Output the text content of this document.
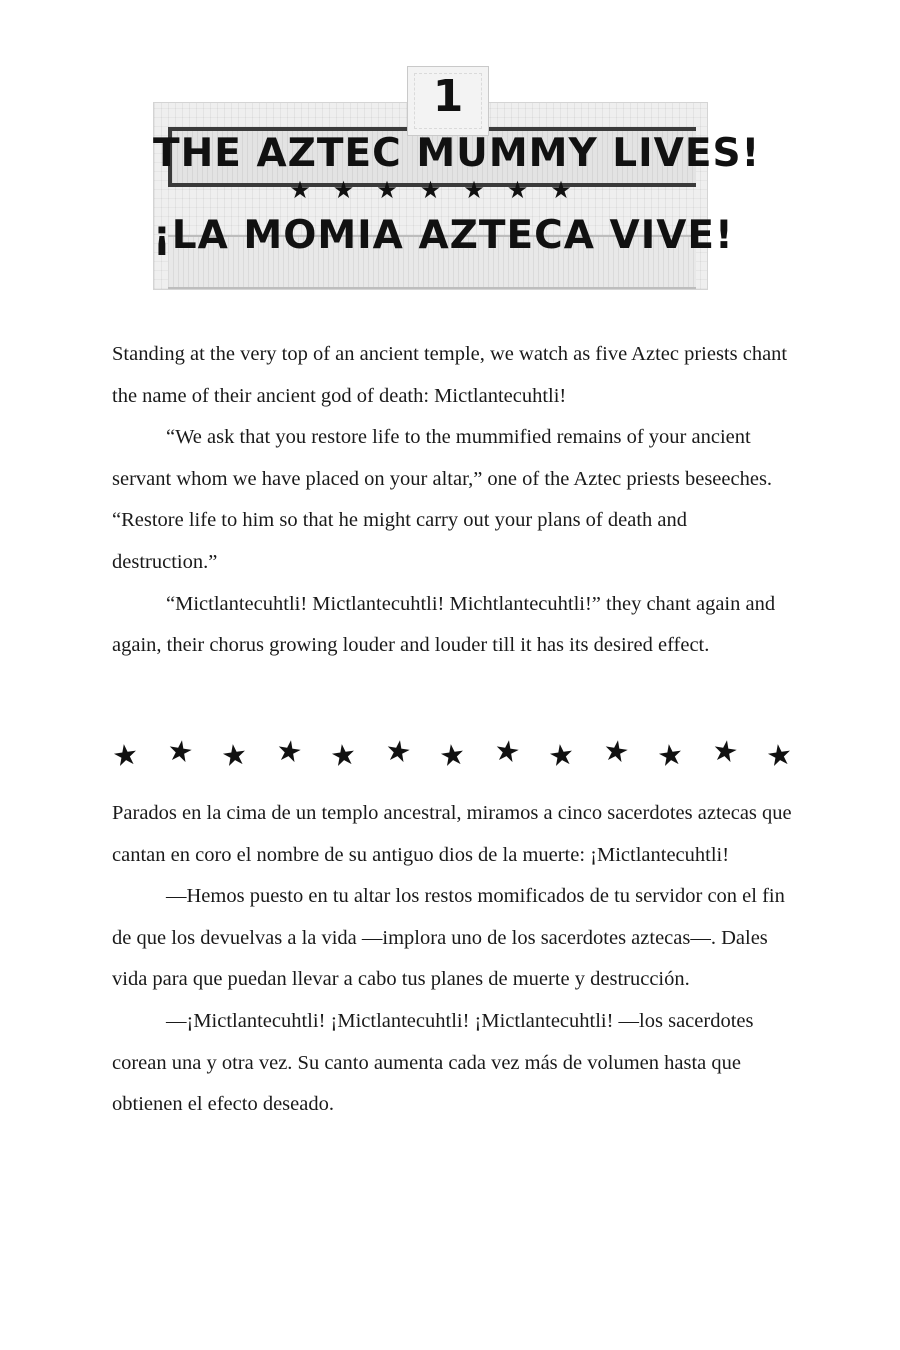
1
THE AZTEC MUMMY LIVES!
★★★★★★★
¡LA MOMIA AZTECA VIVE!

Standing at the very top of an ancient temple, we watch as five Aztec priests chant the name of their ancient god of death: Mictlantecuhtli!

“We ask that you restore life to the mummified remains of your ancient servant whom we have placed on your altar,” one of the Aztec priests beseeches. “Restore life to him so that he might carry out your plans of death and destruction.”

“Mictlantecuhtli! Mictlantecuhtli! Michtlantecuhtli!” they chant again and again, their chorus growing louder and louder till it has its desired effect.

★ ★ ★ ★ ★ ★ ★ ★ ★ ★ ★ ★ ★

Parados en la cima de un templo ancestral, miramos a cinco sacerdotes aztecas que cantan en coro el nombre de su antiguo dios de la muerte: ¡Mictlantecuhtli!

—Hemos puesto en tu altar los restos momificados de tu servidor con el fin de que los devuelvas a la vida —implora uno de los sacerdotes aztecas—. Dales vida para que puedan llevar a cabo tus planes de muerte y destrucción.

—¡Mictlantecuhtli! ¡Mictlantecuhtli! ¡Mictlantecuhtli! —los sacerdotes corean una y otra vez. Su canto aumenta cada vez más de volumen hasta que obtienen el efecto deseado.
